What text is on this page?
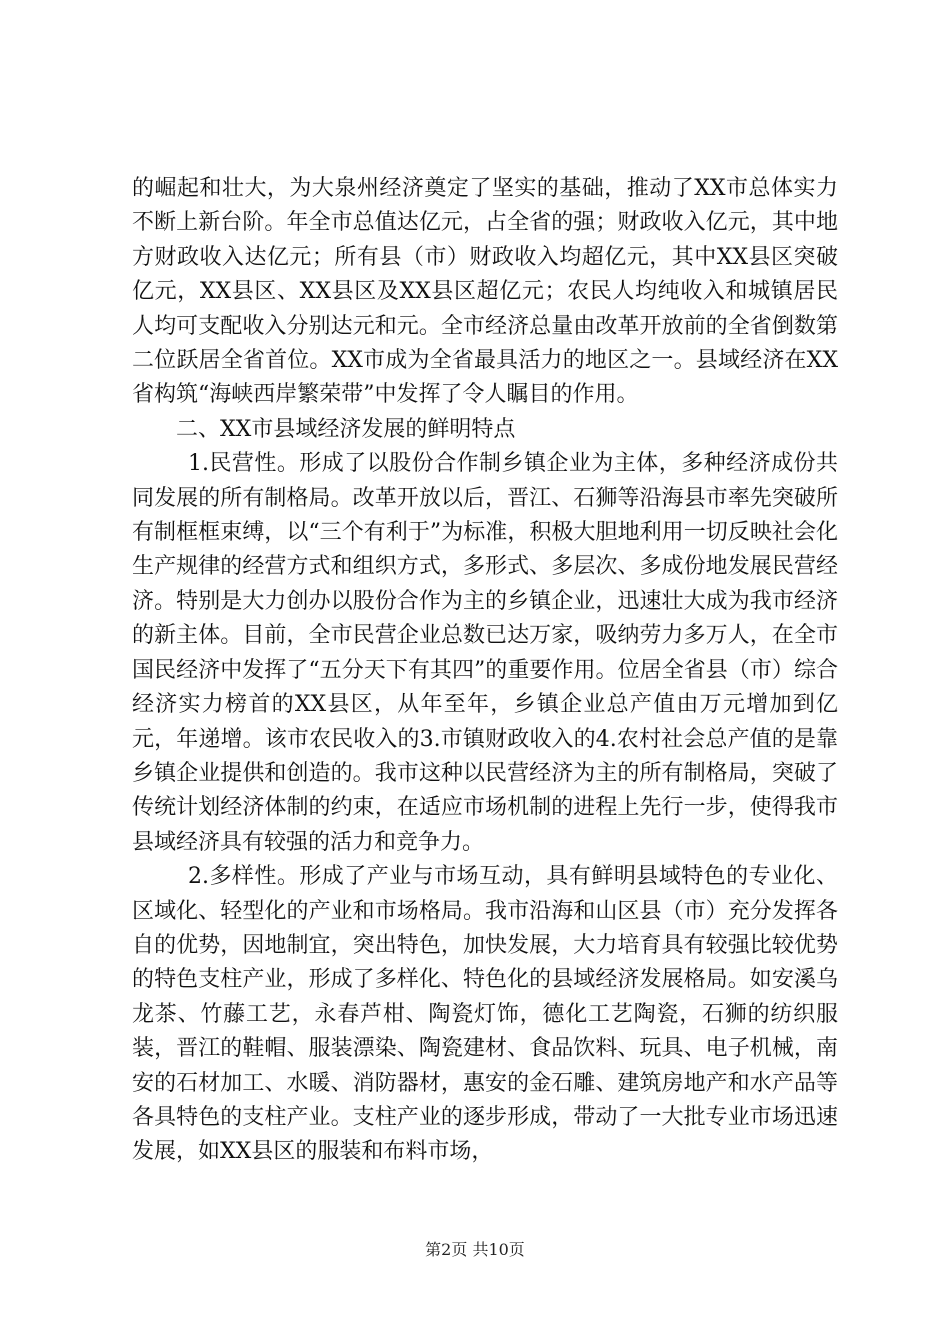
的崛起和壮大，为大泉州经济奠定了坚实的基础，推动了XX市总体实力不断上新台阶。年全市总值达亿元，占全省的强；财政收入亿元，其中地方财政收入达亿元；所有县（市）财政收入均超亿元，其中XX县区突破亿元，XX县区、XX县区及XX县区超亿元；农民人均纯收入和城镇居民人均可支配收入分别达元和元。全市经济总量由改革开放前的全省倒数第二位跃居全省首位。XX市成为全省最具活力的地区之一。县域经济在XX省构筑“海峡西岸繁荣带”中发挥了令人瞩目的作用。

二、XX市县域经济发展的鲜明特点

1.民营性。形成了以股份合作制乡镇企业为主体，多种经济成份共同发展的所有制格局。改革开放以后，晋江、石狮等沿海县市率先突破所有制框框束缚，以“三个有利于”为标准，积极大胆地利用一切反映社会化生产规律的经营方式和组织方式，多形式、多层次、多成份地发展民营经济。特别是大力创办以股份合作为主的乡镇企业，迅速壮大成为我市经济的新主体。目前，全市民营企业总数已达万家，吸纳劳力多万人，在全市国民经济中发挥了“五分天下有其四”的重要作用。位居全省县（市）综合经济实力榜首的XX县区，从年至年，乡镇企业总产值由万元增加到亿元，年递增。该市农民收入的3.市镇财政收入的4.农村社会总产值的是靠乡镇企业提供和创造的。我市这种以民营经济为主的所有制格局，突破了传统计划经济体制的约束，在适应市场机制的进程上先行一步，使得我市县域经济具有较强的活力和竞争力。

2.多样性。形成了产业与市场互动，具有鲜明县域特色的专业化、区域化、轻型化的产业和市场格局。我市沿海和山区县（市）充分发挥各自的优势，因地制宜，突出特色，加快发展，大力培育具有较强比较优势的特色支柱产业，形成了多样化、特色化的县域经济发展格局。如安溪乌龙茶、竹藤工艺，永春芦柑、陶瓷灯饰，德化工艺陶瓷，石狮的纺织服装，晋江的鞋帽、服装漂染、陶瓷建材、食品饮料、玩具、电子机械，南安的石材加工、水暖、消防器材，惠安的金石雕、建筑房地产和水产品等各具特色的支柱产业。支柱产业的逐步形成，带动了一大批专业市场迅速发展，如XX县区的服装和布料市场，

第2页 共10页
